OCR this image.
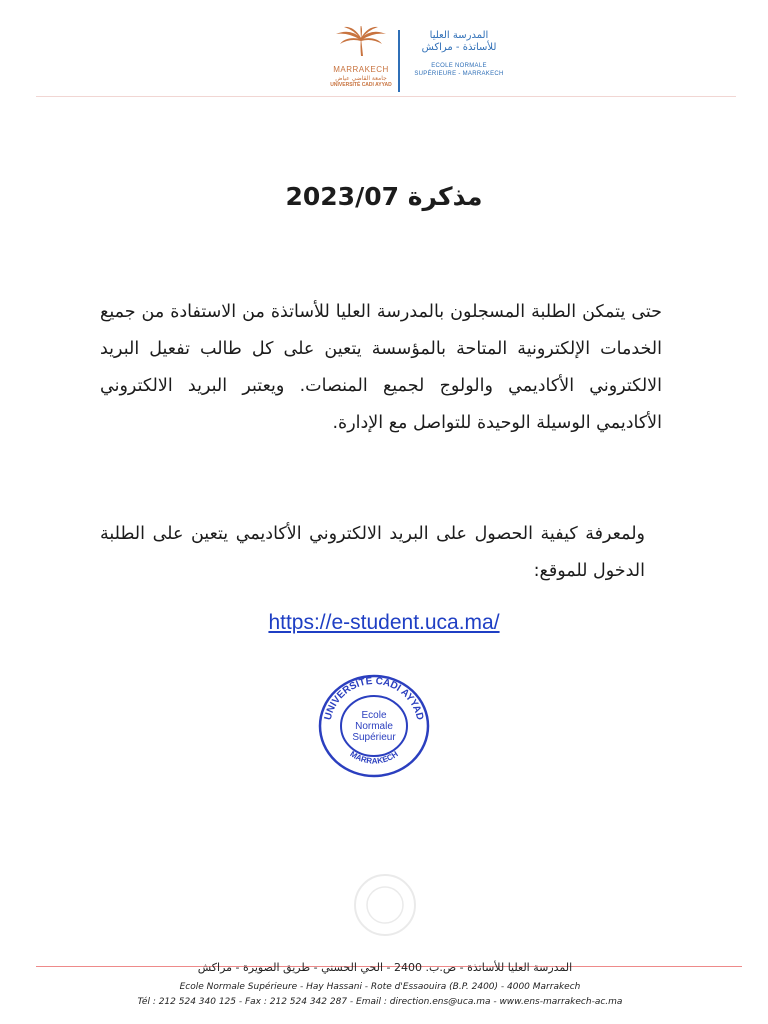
MARRAKECH
جامعة القاضي عياض
UNIVERSITÉ CADI AYYAD
المدرسة العليا
للأساتذة - مراكش
ECOLE NORMALE
SUPÉRIEURE - MARRAKECH
مذكرة 2023/07
حتى يتمكن الطلبة المسجلون بالمدرسة العليا للأساتذة من الاستفادة من جميع الخدمات الإلكترونية المتاحة بالمؤسسة يتعين على كل طالب تفعيل البريد الالكتروني الأكاديمي والولوج لجميع المنصات. ويعتبر البريد الالكتروني الأكاديمي الوسيلة الوحيدة للتواصل مع الإدارة.
ولمعرفة كيفية الحصول على البريد الالكتروني الأكاديمي يتعين على الطلبة الدخول للموقع:
https://e-student.uca.ma/
UNIVERSITÉ CADI AYYAD
MARRAKECH
Ecole
Normale
Supérieur
المدرسة العليا للأساتذة - ص.ب. 2400 - الحي الحسني - طريق الصويرة - مراكش
Ecole Normale Supérieure - Hay Hassani - Rote d'Essaouira (B.P. 2400) - 4000 Marrakech
Tél : 212 524 340 125 - Fax : 212 524 342 287 - Email : direction.ens@uca.ma - www.ens-marrakech-ac.ma
